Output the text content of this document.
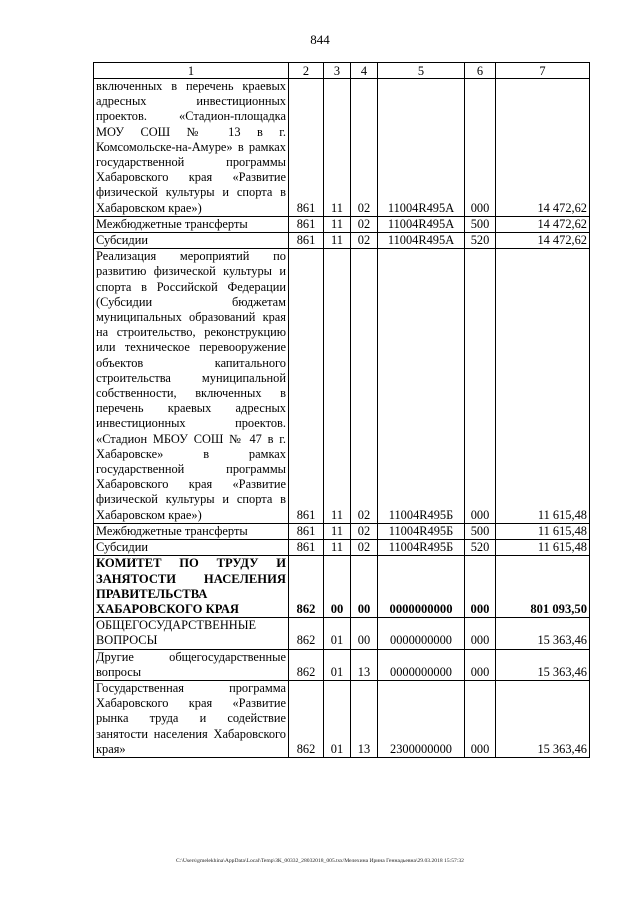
844
1	2	3	4	5	6	7
включенных в перечень краевых адресных инвестиционных проектов. «Стадион-площадка МОУ СОШ № 13 в г. Комсомольске-на-Амуре» в рамках государственной программы Хабаровского края «Развитие физической культуры и спорта в Хабаровском крае»)	861	11	02	11004R495А	000	14 472,62
Межбюджетные трансферты	861	11	02	11004R495А	500	14 472,62
Субсидии	861	11	02	11004R495А	520	14 472,62
Реализация мероприятий по развитию физической культуры и спорта в Российской Федерации (Субсидии бюджетам муниципальных образований края на строительство, реконструкцию или техническое перевооружение объектов капитального строительства муниципальной собственности, включенных в перечень краевых адресных инвестиционных проектов. «Стадион МБОУ СОШ № 47 в г. Хабаровске» в рамках государственной программы Хабаровского края «Развитие физической культуры и спорта в Хабаровском крае»)	861	11	02	11004R495Б	000	11 615,48
Межбюджетные трансферты	861	11	02	11004R495Б	500	11 615,48
Субсидии	861	11	02	11004R495Б	520	11 615,48
КОМИТЕТ ПО ТРУДУ И ЗАНЯТОСТИ НАСЕЛЕНИЯ ПРАВИТЕЛЬСТВА ХАБАРОВСКОГО КРАЯ	862	00	00	0000000000	000	801 093,50
ОБЩЕГОСУДАРСТВЕННЫЕ ВОПРОСЫ	862	01	00	0000000000	000	15 363,46
Другие общегосударственные вопросы	862	01	13	0000000000	000	15 363,46
Государственная программа Хабаровского края «Развитие рынка труда и содействие занятости населения Хабаровского края»	862	01	13	2300000000	000	15 363,46
C:\Users\gmelekhina\AppData\Local\Temp\ЗК_00332_28032018_005.tsx/Мелехина Ирина Геннадьевна\29.03.2018 15:57:32
